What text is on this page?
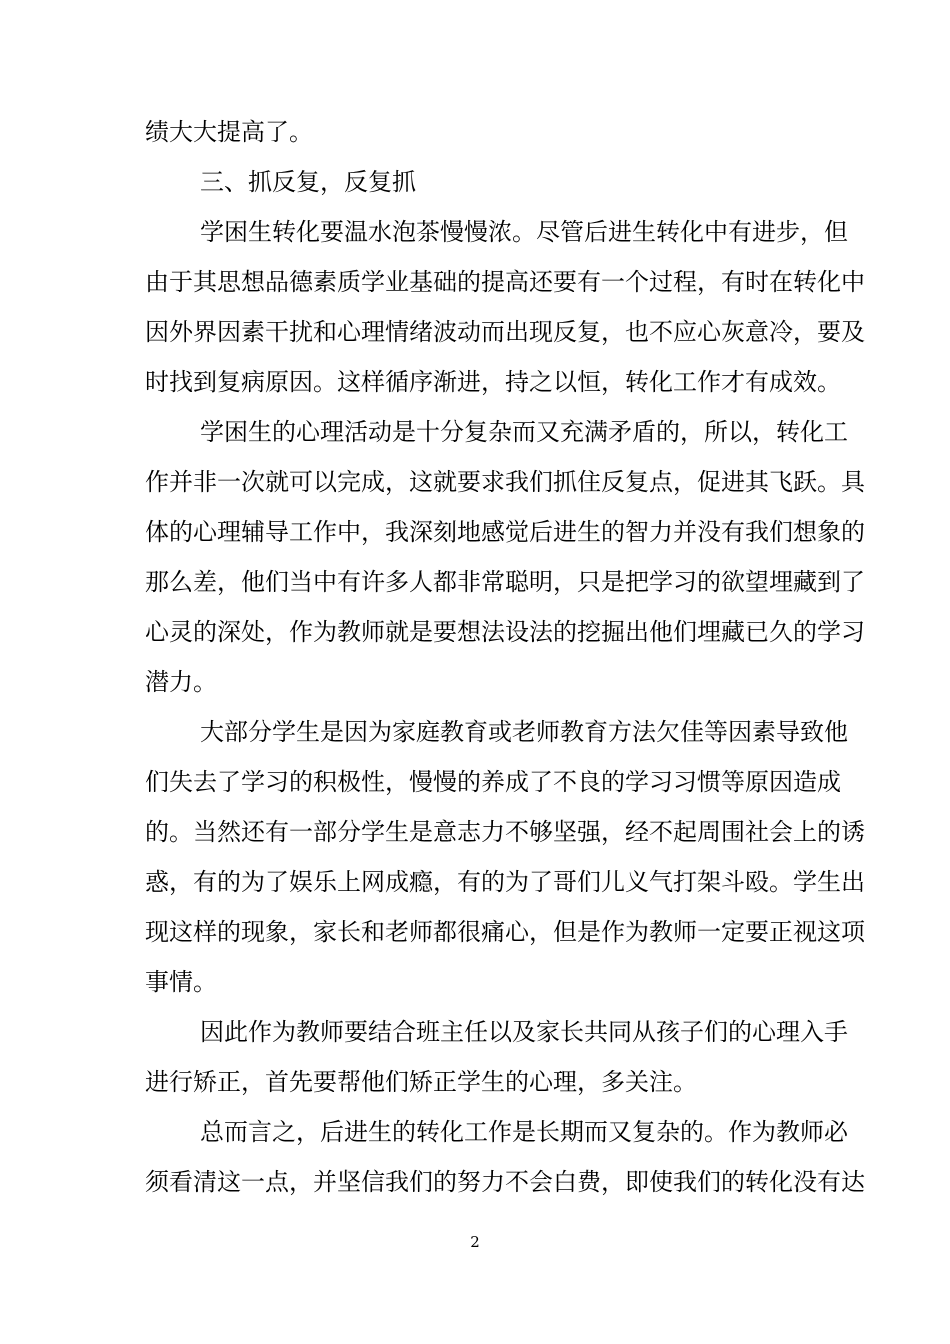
绩大大提高了。
三、抓反复，反复抓
学困生转化要温水泡茶慢慢浓。尽管后进生转化中有进步，但
由于其思想品德素质学业基础的提高还要有一个过程，有时在转化中
因外界因素干扰和心理情绪波动而出现反复，也不应心灰意冷，要及
时找到复病原因。这样循序渐进，持之以恒，转化工作才有成效。
学困生的心理活动是十分复杂而又充满矛盾的，所以，转化工
作并非一次就可以完成，这就要求我们抓住反复点，促进其飞跃。具
体的心理辅导工作中，我深刻地感觉后进生的智力并没有我们想象的
那么差，他们当中有许多人都非常聪明，只是把学习的欲望埋藏到了
心灵的深处，作为教师就是要想法设法的挖掘出他们埋藏已久的学习
潜力。
大部分学生是因为家庭教育或老师教育方法欠佳等因素导致他
们失去了学习的积极性，慢慢的养成了不良的学习习惯等原因造成
的。当然还有一部分学生是意志力不够坚强，经不起周围社会上的诱
惑，有的为了娱乐上网成瘾，有的为了哥们儿义气打架斗殴。学生出
现这样的现象，家长和老师都很痛心，但是作为教师一定要正视这项
事情。
因此作为教师要结合班主任以及家长共同从孩子们的心理入手
进行矫正，首先要帮他们矫正学生的心理，多关注。
总而言之，后进生的转化工作是长期而又复杂的。作为教师必
须看清这一点，并坚信我们的努力不会白费，即使我们的转化没有达
2
